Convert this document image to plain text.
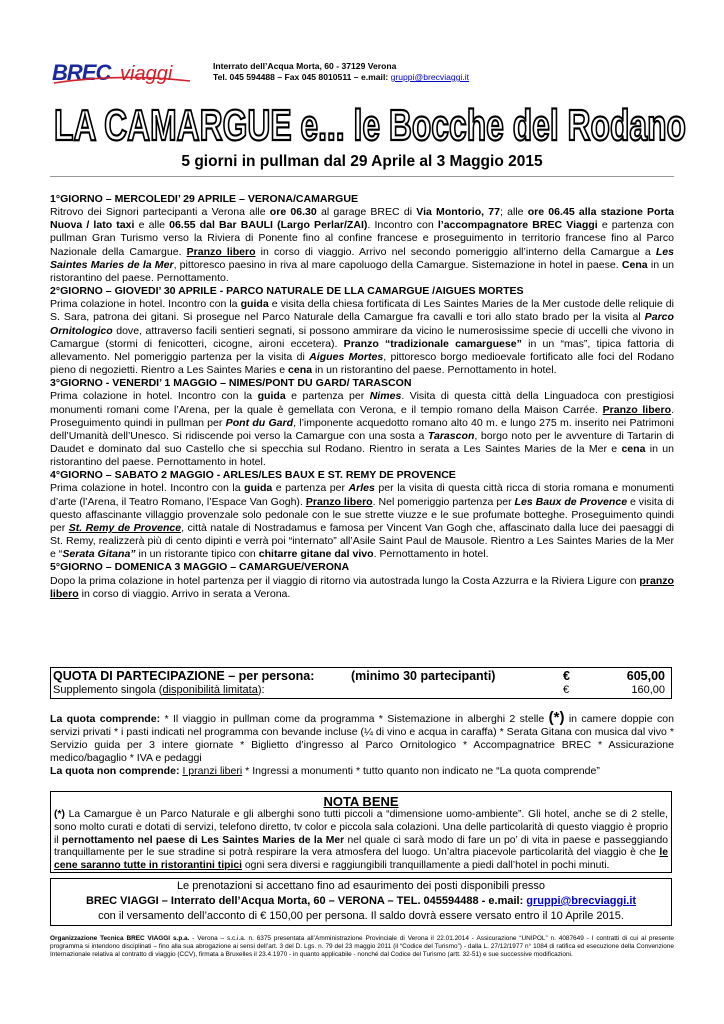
BREC viaggi	Interrato dell’Acqua Morta, 60 - 37129 Verona
Tel. 045 594488 – Fax 045 8010511 – e.mail: gruppi@brecviaggi.it
LA CAMARGUE e... le Bocche del Rodano
5 giorni in pullman dal 29 Aprile al 3 Maggio 2015

1°GIORNO – MERCOLEDI’ 29 APRILE – VERONA/CAMARGUE

Ritrovo dei Signori partecipanti a Verona alle ore 06.30 al garage BREC di Via Montorio, 77; alle ore 06.45 alla stazione Porta Nuova / lato taxi e alle 06.55 dal Bar BAULI (Largo Perlar/ZAI). Incontro con l’accompagnatore BREC Viaggi e partenza con pullman Gran Turismo verso la Riviera di Ponente fino al confine francese e proseguimento in territorio francese fino al Parco Nazionale della Camargue. Pranzo libero in corso di viaggio. Arrivo nel secondo pomeriggio all’interno della Camargue a Les Saintes Maries de la Mer, pittoresco paesino in riva al mare capoluogo della Camargue. Sistemazione in hotel in paese. Cena in un ristorantino del paese. Pernottamento.

2°GIORNO – GIOVEDI’ 30 APRILE - PARCO NATURALE DE LLA CAMARGUE /AIGUES MORTES

Prima colazione in hotel. Incontro con la guida e visita della chiesa fortificata di Les Saintes Maries de la Mer custode delle reliquie di S. Sara, patrona dei gitani. Si prosegue nel Parco Naturale della Camargue fra cavalli e tori allo stato brado per la visita al Parco Ornitologico dove, attraverso facili sentieri segnati, si possono ammirare da vicino le numerosissime specie di uccelli che vivono in Camargue (stormi di fenicotteri, cicogne, aironi eccetera). Pranzo “tradizionale camarguese” in un “mas”, tipica fattoria di allevamento. Nel pomeriggio partenza per la visita di Aigues Mortes, pittoresco borgo medioevale fortificato alle foci del Rodano pieno di negozietti. Rientro a Les Saintes Maries e cena in un ristorantino del paese. Pernottamento in hotel.

3°GIORNO - VENERDI’ 1 MAGGIO – NIMES/PONT DU GARD/ TARASCON

Prima colazione in hotel. Incontro con la guida e partenza per Nimes. Visita di questa città della Linguadoca con prestigiosi monumenti romani come l’Arena, per la quale è gemellata con Verona, e il tempio romano della Maison Carrée. Pranzo libero. Proseguimento quindi in pullman per Pont du Gard, l’imponente acquedotto romano alto 40 m. e lungo 275 m. inserito nei Patrimoni dell’Umanità dell’Unesco. Si ridiscende poi verso la Camargue con una sosta a Tarascon, borgo noto per le avventure di Tartarin di Daudet e dominato dal suo Castello che si specchia sul Rodano. Rientro in serata a Les Saintes Maries de la Mer e cena in un ristorantino del paese. Pernottamento in hotel.

4°GIORNO – SABATO 2 MAGGIO - ARLES/LES BAUX E ST. REMY DE PROVENCE

Prima colazione in hotel. Incontro con la guida e partenza per Arles per la visita di questa città ricca di storia romana e monumenti d’arte (l’Arena, il Teatro Romano, l’Espace Van Gogh). Pranzo libero. Nel pomeriggio partenza per Les Baux de Provence e visita di questo affascinante villaggio provenzale solo pedonale con le sue strette viuzze e le sue profumate botteghe. Proseguimento quindi per St. Remy de Provence, città natale di Nostradamus e famosa per Vincent Van Gogh che, affascinato dalla luce dei paesaggi di St. Remy, realizzerà più di cento dipinti e verrà poi “internato” all’Asile Saint Paul de Mausole. Rientro a Les Saintes Maries de la Mer e “Serata Gitana” in un ristorante tipico con chitarre gitane dal vivo. Pernottamento in hotel.

5°GIORNO – DOMENICA 3 MAGGIO – CAMARGUE/VERONA

Dopo la prima colazione in hotel partenza per il viaggio di ritorno via autostrada lungo la Costa Azzurra e la Riviera Ligure con pranzo libero in corso di viaggio. Arrivo in serata a Verona.

QUOTA DI PARTECIPAZIONE – per persona:	(minimo 30 partecipanti)	€	605,00
Supplemento singola (disponibilità limitata):	€	160,00
La quota comprende: * Il viaggio in pullman come da programma * Sistemazione in alberghi 2 stelle (*) in camere doppie con servizi privati * i pasti indicati nel programma con bevande incluse (¼ di vino e acqua in caraffa) * Serata Gitana con musica dal vivo * Servizio guida per 3 intere giornate * Biglietto d’ingresso al Parco Ornitologico * Accompagnatrice BREC * Assicurazione medico/bagaglio * IVA e pedaggi
La quota non comprende: I pranzi liberi * Ingressi a monumenti * tutto quanto non indicato ne “La quota comprende”
NOTA BENE
(*) La Camargue è un Parco Naturale e gli alberghi sono tutti piccoli a “dimensione uomo-ambiente”. Gli hotel, anche se di 2 stelle, sono molto curati e dotati di servizi, telefono diretto, tv color e piccola sala colazioni. Una delle particolarità di questo viaggio è proprio il pernottamento nel paese di Les Saintes Maries de la Mer nel quale ci sarà modo di fare un po’ di vita in paese e passeggiando tranquillamente per le sue stradine si potrà respirare la vera atmosfera del luogo. Un’altra piacevole particolarità del viaggio è che le cene saranno tutte in ristorantini tipici ogni sera diversi e raggiungibili tranquillamente a piedi dall’hotel in pochi minuti.
Le prenotazioni si accettano fino ad esaurimento dei posti disponibili presso
BREC VIAGGI – Interrato dell’Acqua Morta, 60 – VERONA – TEL. 045594488 - e.mail: gruppi@brecviaggi.it
con il versamento dell’acconto di € 150,00 per persona. Il saldo dovrà essere versato entro il 10 Aprile 2015.
Organizzazione Tecnica BREC VIAGGI s.p.a. - Verona – s.c.i.a. n. 6375 presentata all’Amministrazione Provinciale di Verona il 22.01.2014 - Assicurazione “UNIPOL” n. 4087649 - I contratti di cui al presente programma si intendono disciplinati – fino alla sua abrogazione ai sensi dell’art. 3 del D. Lgs. n. 79 del 23 maggio 2011 (il “Codice del Turismo”) - dalla L. 27/12/1977 n° 1084 di ratifica ed esecuzione della Convenzione Internazionale relativa al contratto di viaggio (CCV), firmata a Bruxelles il 23.4.1970 - in quanto applicabile - nonché dal Codice del Turismo (artt. 32-51) e sue successive modificazioni.
